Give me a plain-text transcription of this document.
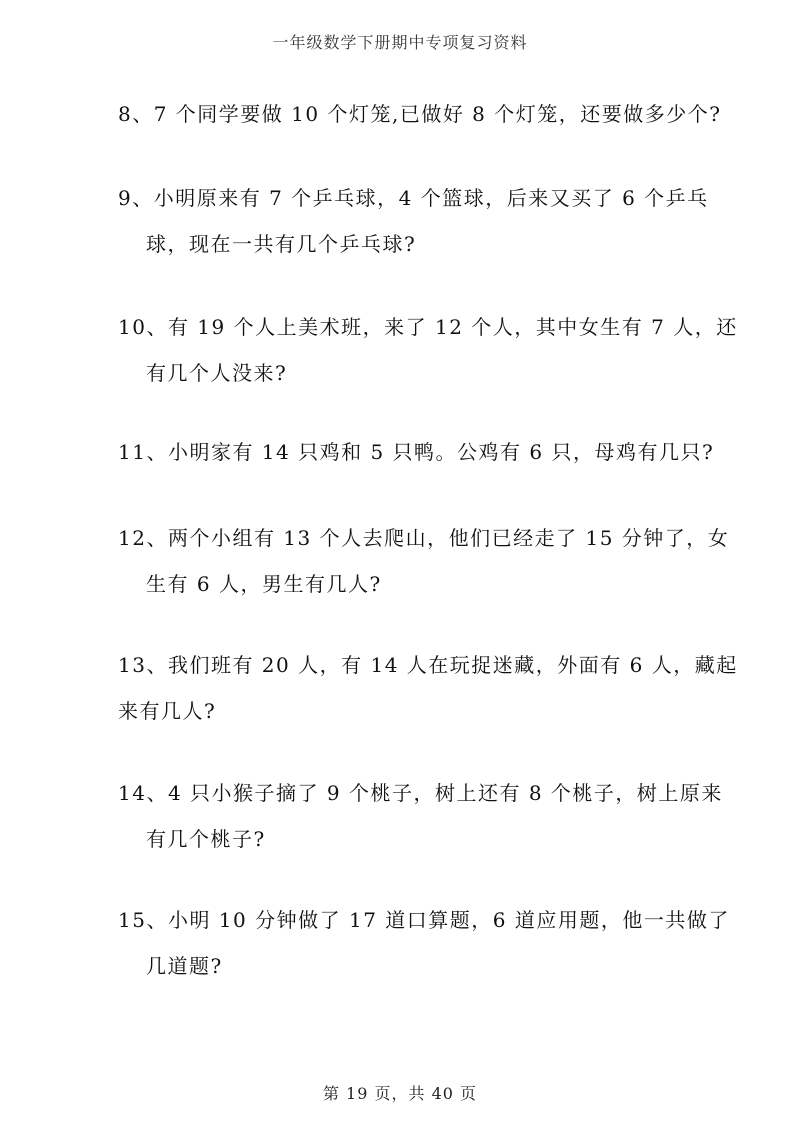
一年级数学下册期中专项复习资料
8、7 个同学要做 10 个灯笼,已做好 8 个灯笼，还要做多少个?
9、小明原来有 7 个乒乓球，4 个篮球，后来又买了 6 个乒乓
球，现在一共有几个乒乓球?
10、有 19 个人上美术班，来了 12 个人，其中女生有 7 人，还
有几个人没来?
11、小明家有 14 只鸡和 5 只鸭。公鸡有 6 只，母鸡有几只?
12、两个小组有 13 个人去爬山，他们已经走了 15 分钟了，女
生有 6 人，男生有几人?
13、我们班有 20 人，有 14 人在玩捉迷藏，外面有 6 人，藏起
来有几人?
14、4 只小猴子摘了 9 个桃子，树上还有 8 个桃子，树上原来
有几个桃子?
15、小明 10 分钟做了 17 道口算题，6 道应用题，他一共做了
几道题?
第 19 页，共 40 页
